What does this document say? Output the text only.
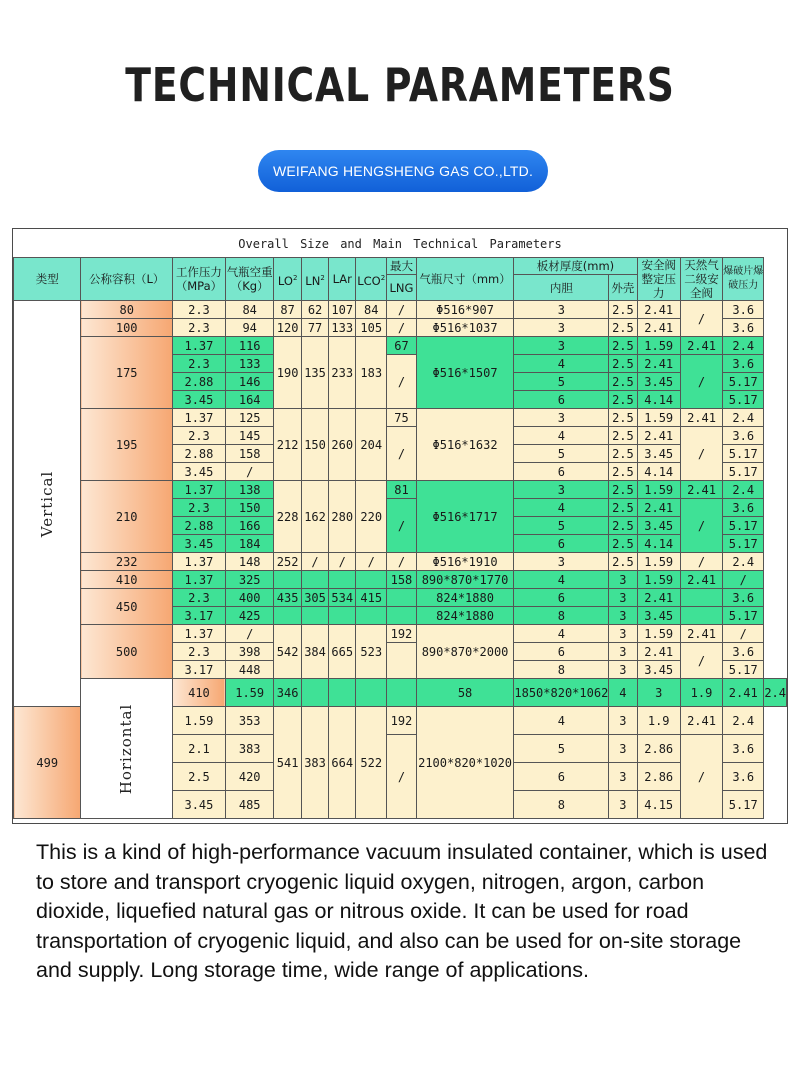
TECHNICAL PARAMETERS
WEIFANG HENGSHENG GAS CO.,LTD.
Overall Size and Main Technical Parameters
类型	公称容积（L）	工作压力（MPa）	气瓶空重（Kg）	$LO^2$	$LN^2$	LAr	LCO$^2$	最大	气瓶尺寸（mm）	板材厚度(mm)		安全阀整定压力	天然气二级安全阀	爆破片爆破压力	
								LNG		内胆	外壳				
Vertical	80	2.3	84	87	62	107	84	/	Φ516*907	3	2.5	2.41	/	3.6	
	100	2.3	94	120	77	133	105	/	Φ516*1037	3	2.5	2.41		3.6	
	175	1.37	116	190	135	233	183	67	Φ516*1507	3	2.5	1.59	2.41	2.4	
		2.3	133					/		4	2.5	2.41	/	3.6	
		2.88	146							5	2.5	3.45		5.17	
		3.45	164							6	2.5	4.14		5.17	
	195	1.37	125	212	150	260	204	75	Φ516*1632	3	2.5	1.59	2.41	2.4	
		2.3	145					/		4	2.5	2.41	/	3.6	
		2.88	158							5	2.5	3.45		5.17	
		3.45	/							6	2.5	4.14		5.17	
	210	1.37	138	228	162	280	220	81	Φ516*1717	3	2.5	1.59	2.41	2.4	
		2.3	150					/		4	2.5	2.41	/	3.6	
		2.88	166							5	2.5	3.45		5.17	
		3.45	184							6	2.5	4.14		5.17	
	232	1.37	148	252	/	/	/	/	Φ516*1910	3	2.5	1.59	/	2.4	
	410	1.37	325					158	890*870*1770	4	3	1.59	2.41	/	
	450	2.3	400	435	305	534	415		824*1880	6	3	2.41		3.6	
		3.17	425						824*1880	8	3	3.45		5.17	
	500	1.37	/	542	384	665	523	192	890*870*2000	4	3	1.59	2.41	/	
		2.3	398							6	3	2.41	/	3.6	
		3.17	448							8	3	3.45		5.17	
	Horizontal	410	1.59	346					58	1850*820*1062	4	3	1.9	2.41	2.4
499		1.59	353	541	383	664	522	192	2100*820*1020	4	3	1.9	2.41	2.4	
		2.1	383					/		5	3	2.86	/	3.6	
		2.5	420							6	3	2.86		3.6	
		3.45	485							8	3	4.15		5.17	
This is a kind of high-performance vacuum insulated container, which is used to store and transport cryogenic liquid oxygen, nitrogen, argon, carbon dioxide, liquefied natural gas or nitrous oxide. It can be used for road transportation of cryogenic liquid, and also can be used for on-site storage and supply. Long storage time, wide range of applications.
